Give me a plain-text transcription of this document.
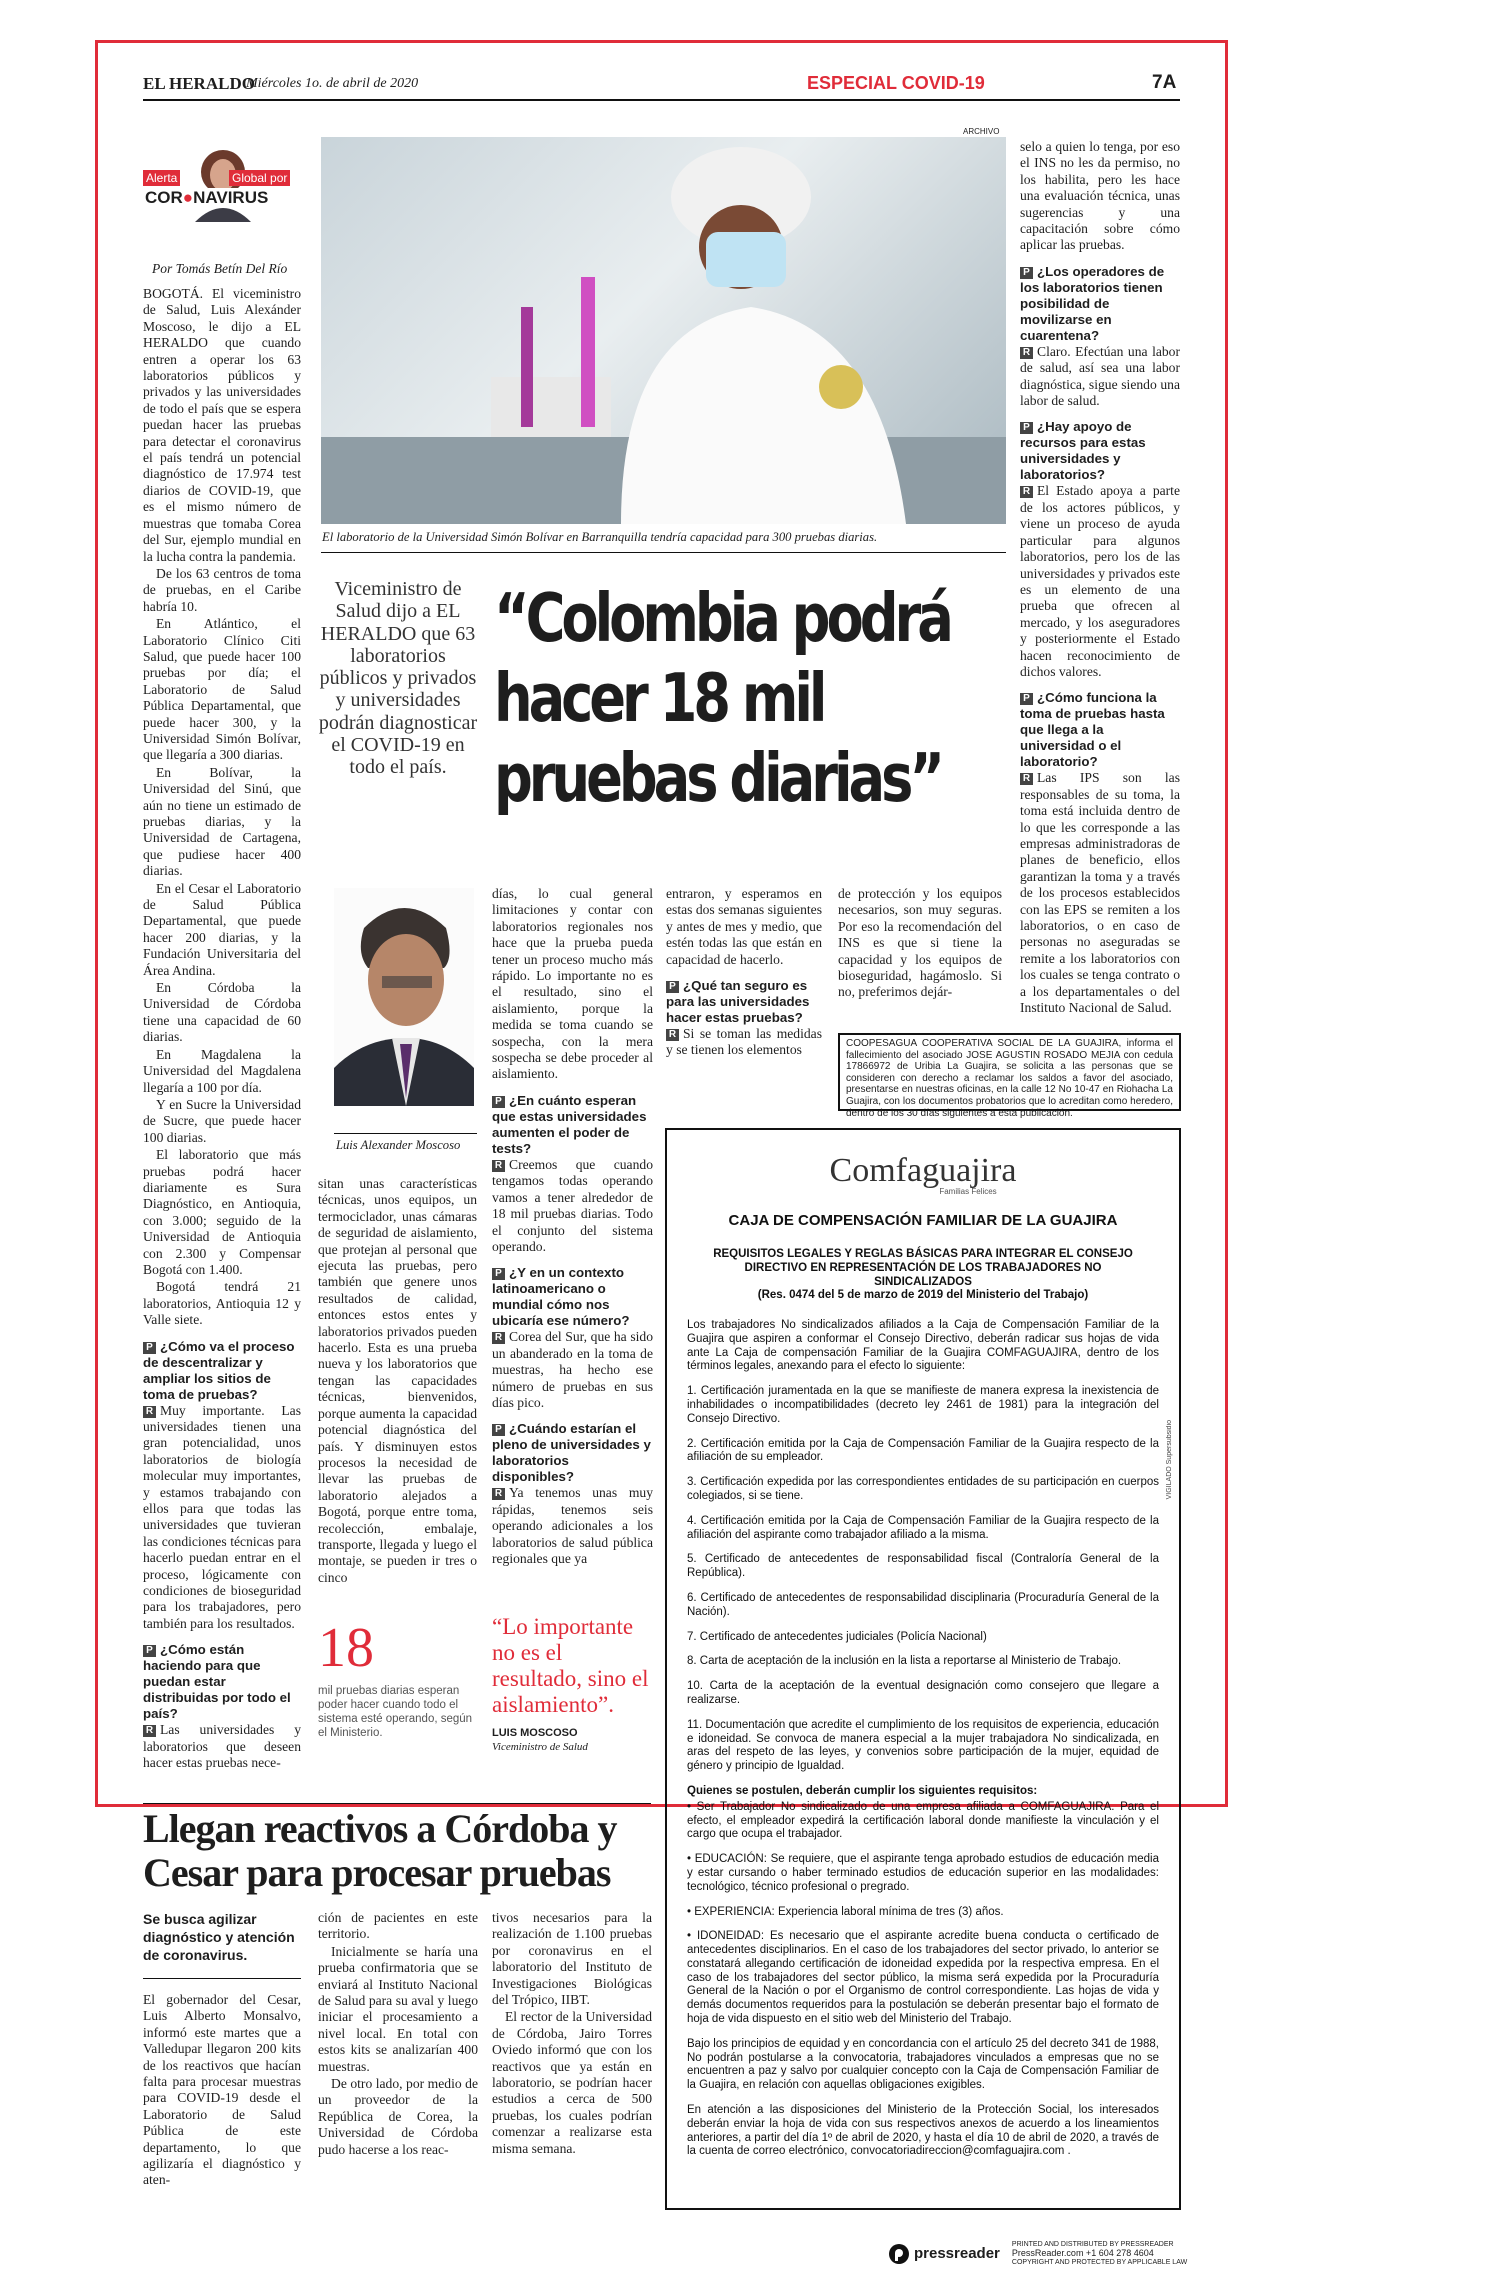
EL HERALDO
Miércoles 1o. de abril de 2020	ESPECIAL COVID-19	7A
Alerta	Global por
COR●NAVIRUS
Por Tomás Betín Del Río
ARCHIVO
El laboratorio de la Universidad Simón Bolívar en Barranquilla tendría capacidad para 300 pruebas diarias.
Viceministro de Salud dijo a EL HERALDO que 63 laboratorios públicos y privados y universidades podrán diagnosticar el COVID-19 en todo el país.
“Colombia podrá hacer 18 mil pruebas diarias”
Luis Alexander Moscoso

BOGOTÁ. El viceministro de Salud, Luis Alexánder Moscoso, le dijo a EL HERALDO que cuando entren a operar los 63 laboratorios públicos y privados y las universidades de todo el país que se espera puedan hacer las pruebas para detectar el coronavirus el país tendrá un potencial diagnóstico de 17.974 test diarios de COVID-19, que es el mismo número de muestras que tomaba Corea del Sur, ejemplo mundial en la lucha contra la pandemia.

De los 63 centros de toma de pruebas, en el Caribe habría 10.

En Atlántico, el Laboratorio Clínico Citi Salud, que puede hacer 100 pruebas por día; el Laboratorio de Salud Pública Departamental, que puede hacer 300, y la Universidad Simón Bolívar, que llegaría a 300 diarias.

En Bolívar, la Universidad del Sinú, que aún no tiene un estimado de pruebas diarias, y la Universidad de Cartagena, que pudiese hacer 400 diarias.

En el Cesar el Laboratorio de Salud Pública Departamental, que puede hacer 200 diarias, y la Fundación Universitaria del Área Andina.

En Córdoba la Universidad de Córdoba tiene una capacidad de 60 diarias.

En Magdalena la Universidad del Magdalena llegaría a 100 por día.

Y en Sucre la Universidad de Sucre, que puede hacer 100 diarias.

El laboratorio que más pruebas podrá hacer diariamente es Sura Diagnóstico, en Antioquia, con 3.000; seguido de la Universidad de Antioquia con 2.300 y Compensar Bogotá con 1.400.

Bogotá tendrá 21 laboratorios, Antioquia 12 y Valle siete.

P ¿Cómo va el proceso de descentralizar y ampliar los sitios de toma de pruebas?
R Muy importante. Las universidades tienen una gran potencialidad, unos laboratorios de biología molecular muy importantes, y estamos trabajando con ellos para que todas las universidades que tuvieran las condiciones técnicas para hacerlo puedan entrar en el proceso, lógicamente con condiciones de bioseguridad para los trabajadores, pero también para los resultados.
P ¿Cómo están haciendo para que puedan estar distribuidas por todo el país?
R Las universidades y laboratorios que deseen hacer estas pruebas nece-

sitan unas características técnicas, unos equipos, un termociclador, unas cámaras de seguridad de aislamiento, que protejan al personal que ejecuta las pruebas, pero también que genere unos resultados de calidad, entonces estos entes y laboratorios privados pueden hacerlo. Esta es una prueba nueva y los laboratorios que tengan las capacidades técnicas, bienvenidos, porque aumenta la capacidad potencial diagnóstica del país. Y disminuyen estos procesos la necesidad de llevar las pruebas de laboratorio alejados a Bogotá, porque entre toma, recolección, embalaje, transporte, llegada y luego el montaje, se pueden ir tres o cinco

18
mil pruebas diarias esperan poder hacer cuando todo el sistema esté operando, según el Ministerio.

días, lo cual general limitaciones y contar con laboratorios regionales nos hace que la prueba pueda tener un proceso mucho más rápido. Lo importante no es el resultado, sino el aislamiento, porque la medida se toma cuando se sospecha, con la mera sospecha se debe proceder al aislamiento.

P ¿En cuánto esperan que estas universidades aumenten el poder de tests?
R Creemos que cuando tengamos todas operando vamos a tener alrededor de 18 mil pruebas diarias. Todo el conjunto del sistema operando.
P ¿Y en un contexto latinoamericano o mundial cómo nos ubicaría ese número?
R Corea del Sur, que ha sido un abanderado en la toma de muestras, ha hecho ese número de pruebas en sus días pico.
P ¿Cuándo estarían el pleno de universidades y laboratorios disponibles?
R Ya tenemos unas muy rápidas, tenemos seis operando adicionales a los laboratorios de salud pública regionales que ya
“Lo importante no es el resultado, sino el aislamiento”.
LUIS MOSCOSO
Viceministro de Salud

entraron, y esperamos en estas dos semanas siguientes y antes de mes y medio, que estén todas las que están en capacidad de hacerlo.

P ¿Qué tan seguro es para las universidades hacer estas pruebas?
R Si se toman las medidas y se tienen los elementos

de protección y los equipos necesarios, son muy seguras. Por eso la recomendación del INS es que si tiene la capacidad y los equipos de bioseguridad, hagámoslo. Si no, preferimos dejár-

selo a quien lo tenga, por eso el INS no les da permiso, no los habilita, pero les hace una evaluación técnica, unas sugerencias y una capacitación sobre cómo aplicar las pruebas.

P ¿Los operadores de los laboratorios tienen posibilidad de movilizarse en cuarentena?
R Claro. Efectúan una labor de salud, así sea una labor diagnóstica, sigue siendo una labor de salud.
P ¿Hay apoyo de recursos para estas universidades y laboratorios?
R El Estado apoya a parte de los actores públicos, y viene un proceso de ayuda particular para algunos laboratorios, pero los de las universidades y privados este es un elemento de una prueba que ofrecen al mercado, y los aseguradores y posteriormente el Estado hacen reconocimiento de dichos valores.
P ¿Cómo funciona la toma de pruebas hasta que llega a la universidad o el laboratorio?
R Las IPS son las responsables de su toma, la toma está incluida dentro de lo que les corresponde a las empresas administradoras de planes de beneficio, ellos garantizan la toma y a través de los procesos establecidos con las EPS se remiten a los laboratorios, o en caso de personas no aseguradas se remite a los laboratorios con los cuales se tenga contrato o a los departamentales o del Instituto Nacional de Salud.
COOPESAGUA COOPERATIVA SOCIAL DE LA GUAJIRA, informa el fallecimiento del asociado JOSE AGUSTIN ROSADO MEJIA con cedula 17866972 de Uribia La Guajira, se solicita a las personas que se consideren con derecho a reclamar los saldos a favor del asociado, presentarse en nuestras oficinas, en la calle 12 No 10-47 en Riohacha La Guajira, con los documentos probatorios que lo acreditan como heredero, dentro de los 30 días siguientes a esta publicación.
Comfaguajira
Familias Felices
CAJA DE COMPENSACIÓN FAMILIAR DE LA GUAJIRA
REQUISITOS LEGALES Y REGLAS BÁSICAS PARA INTEGRAR EL CONSEJO DIRECTIVO EN REPRESENTACIÓN DE LOS TRABAJADORES NO SINDICALIZADOS
(Res. 0474 del 5 de marzo de 2019 del Ministerio del Trabajo)

Los trabajadores No sindicalizados afiliados a la Caja de Compensación Familiar de la Guajira que aspiren a conformar el Consejo Directivo, deberán radicar sus hojas de vida ante La Caja de compensación Familiar de la Guajira COMFAGUAJIRA, dentro de los términos legales, anexando para el efecto lo siguiente:

1. Certificación juramentada en la que se manifieste de manera expresa la inexistencia de inhabilidades o incompatibilidades (decreto ley 2461 de 1981) para la integración del Consejo Directivo.

2. Certificación emitida por la Caja de Compensación Familiar de la Guajira respecto de la afiliación de su empleador.

3. Certificación expedida por las correspondientes entidades de su participación en cuerpos colegiados, si se tiene.

4. Certificación emitida por la Caja de Compensación Familiar de la Guajira respecto de la afiliación del aspirante como trabajador afiliado a la misma.

5. Certificado de antecedentes de responsabilidad fiscal (Contraloría General de la República).

6. Certificado de antecedentes de responsabilidad disciplinaria (Procuraduría General de la Nación).

7. Certificado de antecedentes judiciales (Policía Nacional)

8. Carta de aceptación de la inclusión en la lista a reportarse al Ministerio de Trabajo.

10. Carta de la aceptación de la eventual designación como consejero que llegare a realizarse.

11. Documentación que acredite el cumplimiento de los requisitos de experiencia, educación e idoneidad. Se convoca de manera especial a la mujer trabajadora No sindicalizada, en aras del respeto de las leyes, y convenios sobre participación de la mujer, equidad de género y principio de Igualdad.

Quienes se postulen, deberán cumplir los siguientes requisitos:

• Ser Trabajador No sindicalizado de una empresa afiliada a COMFAGUAJIRA. Para el efecto, el empleador expedirá la certificación laboral donde manifieste la vinculación y el cargo que ocupa el trabajador.

• EDUCACIÓN: Se requiere, que el aspirante tenga aprobado estudios de educación media y estar cursando o haber terminado estudios de educación superior en las modalidades: tecnológico, técnico profesional o pregrado.

• EXPERIENCIA: Experiencia laboral mínima de tres (3) años.

• IDONEIDAD: Es necesario que el aspirante acredite buena conducta o certificado de antecedentes disciplinarios. En el caso de los trabajadores del sector privado, lo anterior se constatará allegando certificación de idoneidad expedida por la respectiva empresa. En el caso de los trabajadores del sector público, la misma será expedida por la Procuraduría General de la Nación o por el Organismo de control correspondiente. Las hojas de vida y demás documentos requeridos para la postulación se deberán presentar bajo el formato de hoja de vida dispuesto en el sitio web del Ministerio del Trabajo.

Bajo los principios de equidad y en concordancia con el artículo 25 del decreto 341 de 1988, No podrán postularse a la convocatoria, trabajadores vinculados a empresas que no se encuentren a paz y salvo por cualquier concepto con la Caja de Compensación Familiar de la Guajira, en relación con aquellas obligaciones exigibles.

En atención a las disposiciones del Ministerio de la Protección Social, los interesados deberán enviar la hoja de vida con sus respectivos anexos de acuerdo a los lineamientos anteriores, a partir del día 1º de abril de 2020, y hasta el día 10 de abril de 2020, a través de la cuenta de correo electrónico, convocatoriadireccion@comfaguajira.com .

VIGILADO Supersubsidio
Llegan reactivos a Córdoba y Cesar para procesar pruebas
Se busca agilizar diagnóstico y atención de coronavirus.

El gobernador del Cesar, Luis Alberto Monsalvo, informó este martes que a Valledupar llegaron 200 kits de los reactivos que hacían falta para procesar muestras para COVID-19 desde el Laboratorio de Salud Pública de este departamento, lo que agilizaría el diagnóstico y aten-

ción de pacientes en este territorio.

Inicialmente se haría una prueba confirmatoria que se enviará al Instituto Nacional de Salud para su aval y luego iniciar el procesamiento a nivel local. En total con estos kits se analizarían 400 muestras.

De otro lado, por medio de un proveedor de la República de Corea, la Universidad de Córdoba pudo hacerse a los reac-

tivos necesarios para la realización de 1.100 pruebas por coronavirus en el laboratorio del Instituto de Investigaciones Biológicas del Trópico, IIBT.

El rector de la Universidad de Córdoba, Jairo Torres Oviedo informó que con los reactivos que ya están en laboratorio, se podrían hacer estudios a cerca de 500 pruebas, los cuales podrían comenzar a realizarse esta misma semana.

pressreader
PRINTED AND DISTRIBUTED BY PRESSREADER
PressReader.com +1 604 278 4604
COPYRIGHT AND PROTECTED BY APPLICABLE LAW
